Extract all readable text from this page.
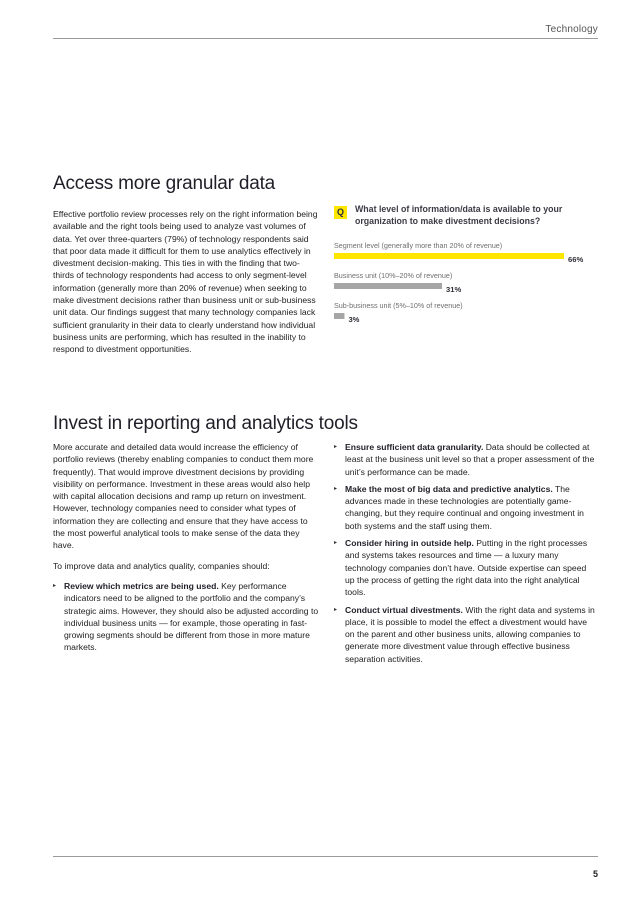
Technology
Access more granular data

Effective portfolio review processes rely on the right information being available and the right tools being used to analyze vast volumes of data. Yet over three-quarters (79%) of technology respondents said that poor data made it difficult for them to use analytics effectively in divestment decision-making. This ties in with the finding that two-thirds of technology respondents had access to only segment-level information (generally more than 20% of revenue) when seeking to make divestment decisions rather than business unit or sub-business unit data. Our findings suggest that many technology companies lack sufficient granularity in their data to clearly understand how individual business units are performing, which has resulted in the inability to respond to divestment opportunities.

Q	What level of information/data is available to your organization to make divestment decisions?

Segment level (generally more than 20% of revenue)
66%
Business unit (10%–20% of revenue)
31%
Sub-business unit (5%–10% of revenue)
3%
Invest in reporting and analytics tools

More accurate and detailed data would increase the efficiency of portfolio reviews (thereby enabling companies to conduct them more frequently). That would improve divestment decisions by providing visibility on performance. Investment in these areas would also help with capital allocation decisions and ramp up return on investment. However, technology companies need to consider what types of information they are collecting and ensure that they have access to the most powerful analytical tools to make sense of the data they have.

To improve data and analytics quality, companies should:

▸ Review which metrics are being used. Key performance indicators need to be aligned to the portfolio and the company’s strategic aims. However, they should also be adjusted according to individual business units — for example, those operating in fast-growing segments should be different from those in more mature markets.
▸ Ensure sufficient data granularity. Data should be collected at least at the business unit level so that a proper assessment of the unit’s performance can be made.
▸ Make the most of big data and predictive analytics. The advances made in these technologies are potentially game-changing, but they require continual and ongoing investment in both systems and the staff using them.
▸ Consider hiring in outside help. Putting in the right processes and systems takes resources and time — a luxury many technology companies don’t have. Outside expertise can speed up the process of getting the right data into the right analytical tools.
▸ Conduct virtual divestments. With the right data and systems in place, it is possible to model the effect a divestment would have on the parent and other business units, allowing companies to generate more divestment value through effective business separation activities.
5
